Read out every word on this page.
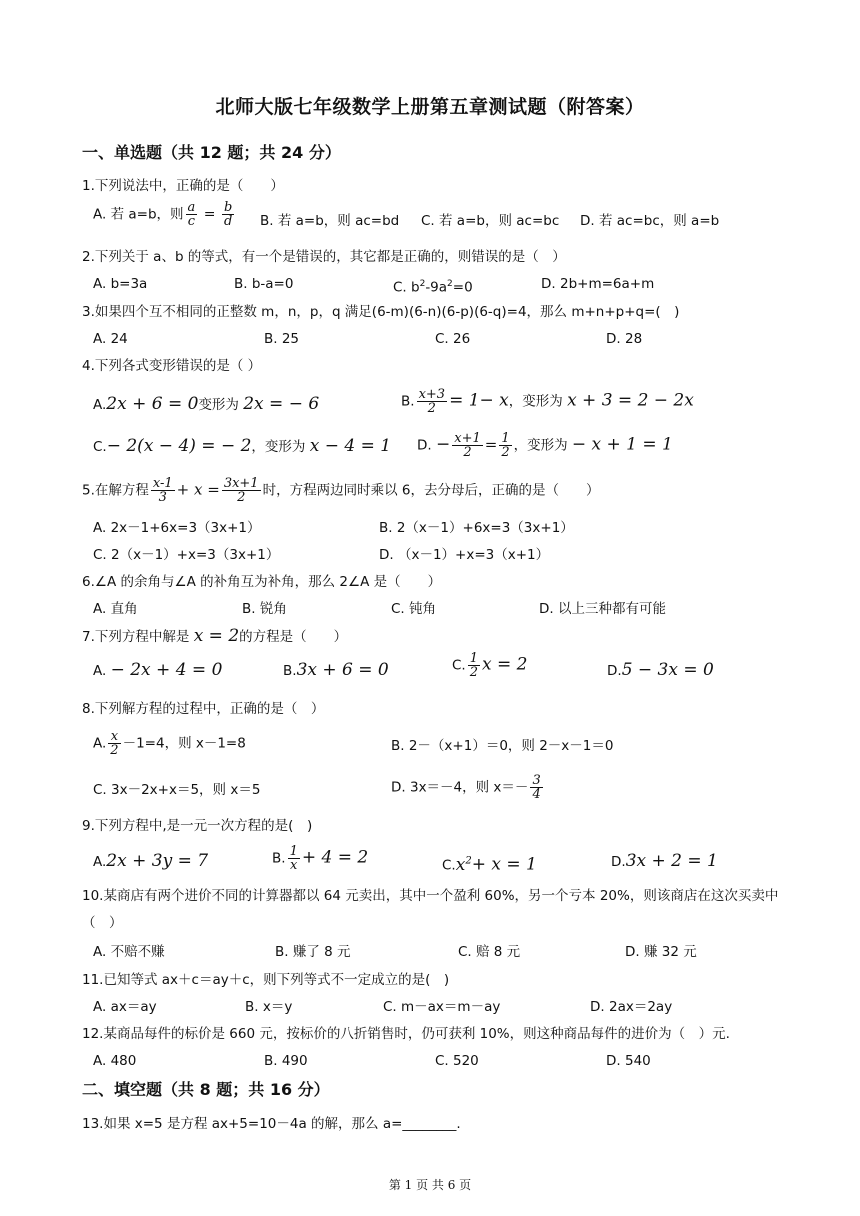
北师大版七年级数学上册第五章测试题（附答案）
一、单选题（共 12 题；共 24 分）
1.下列说法中，正确的是（　　）
A. 若 a=b，则 $\frac{a}{c} = \frac{b}{d} B$. 若 a=b，则 ac=bd C. 若 a=b，则 ac=bc D. 若 ac=bc，则 a=b
2.下列关于 a、b 的等式，有一个是错误的，其它都是正确的，则错误的是（　）
A. b=3a	B. b-a=0	C. $b^2-9a^2=0$	D. 2b+m=6a+m
3.如果四个互不相同的正整数 m，n，p，q 满足(6-m)(6-n)(6-p)(6-q)=4，那么 m+n+p+q=(　)
A. 24	B. 25	C. 26	D. 28
4.下列各式变形错误的是（ ）
A.2x + 6 = 0变形为 2x = − 6	B. $\frac{x+3}{2} = 1- x$，变形为 x + 3 = 2 − 2x
C.− 2(x − 4) = − 2，变形为 x − 4 = 1 D. − $\frac{x+1}{2} = \frac{1}{2}$ ，变形为 − x + 1 = 1
5.在解方程 $\frac{x-1}{3} + x = \frac{3x+1}{2}$ 时，方程两边同时乘以 6，去分母后，正确的是（　　）
A. 2x－1+6x=3（3x+1）	B. 2（x－1）+6x=3（3x+1）
C. 2（x－1）+x=3（3x+1）	D. （x－1）+x=3（x+1）
6.∠A 的余角与∠A 的补角互为补角，那么 2∠A 是（　　）
A. 直角	B. 锐角	C. 钝角	D. 以上三种都有可能
7.下列方程中解是 x = 2的方程是（　　）
A. − 2x + 4 = 0	B.3x + 6 = 0	C. $\frac{1}{2}$ x = 2	D.5 − 3x = 0
8.下列解方程的过程中，正确的是（　）
A. $\frac{x}{2} -1=4$，则 x－1=8	B. 2－（x+1）＝0，则 2－x－1＝0
C. 3x－2x+x＝5，则 x＝5	D. 3x＝－4，则 $x=- \frac{3}{4}$
9.下列方程中,是一元一次方程的是(　)
A.2x + 3y = 7	B. $\frac{1}{x} + 4 = 2$	$C.x^2+ x = 1$	D.3x + 2 = 1
10.某商店有两个进价不同的计算器都以 64 元卖出，其中一个盈利 60%，另一个亏本 20%，则该商店在这次买卖中（　）
A. 不赔不赚	B. 赚了 8 元	C. 赔 8 元	D. 赚 32 元
11.已知等式 ax＋c＝ay＋c，则下列等式不一定成立的是(　)
A. ax＝ay	B. x＝y	C. m－ax＝m－ay	D. 2ax＝2ay
12.某商品每件的标价是 660 元，按标价的八折销售时，仍可获利 10%，则这种商品每件的进价为（　）元.
A. 480	B. 490	C. 520	D. 540
二、填空题（共 8 题；共 16 分）
13.如果 x=5 是方程 ax+5=10－4a 的解，那么 a=________.
第 1 页 共 6 页
